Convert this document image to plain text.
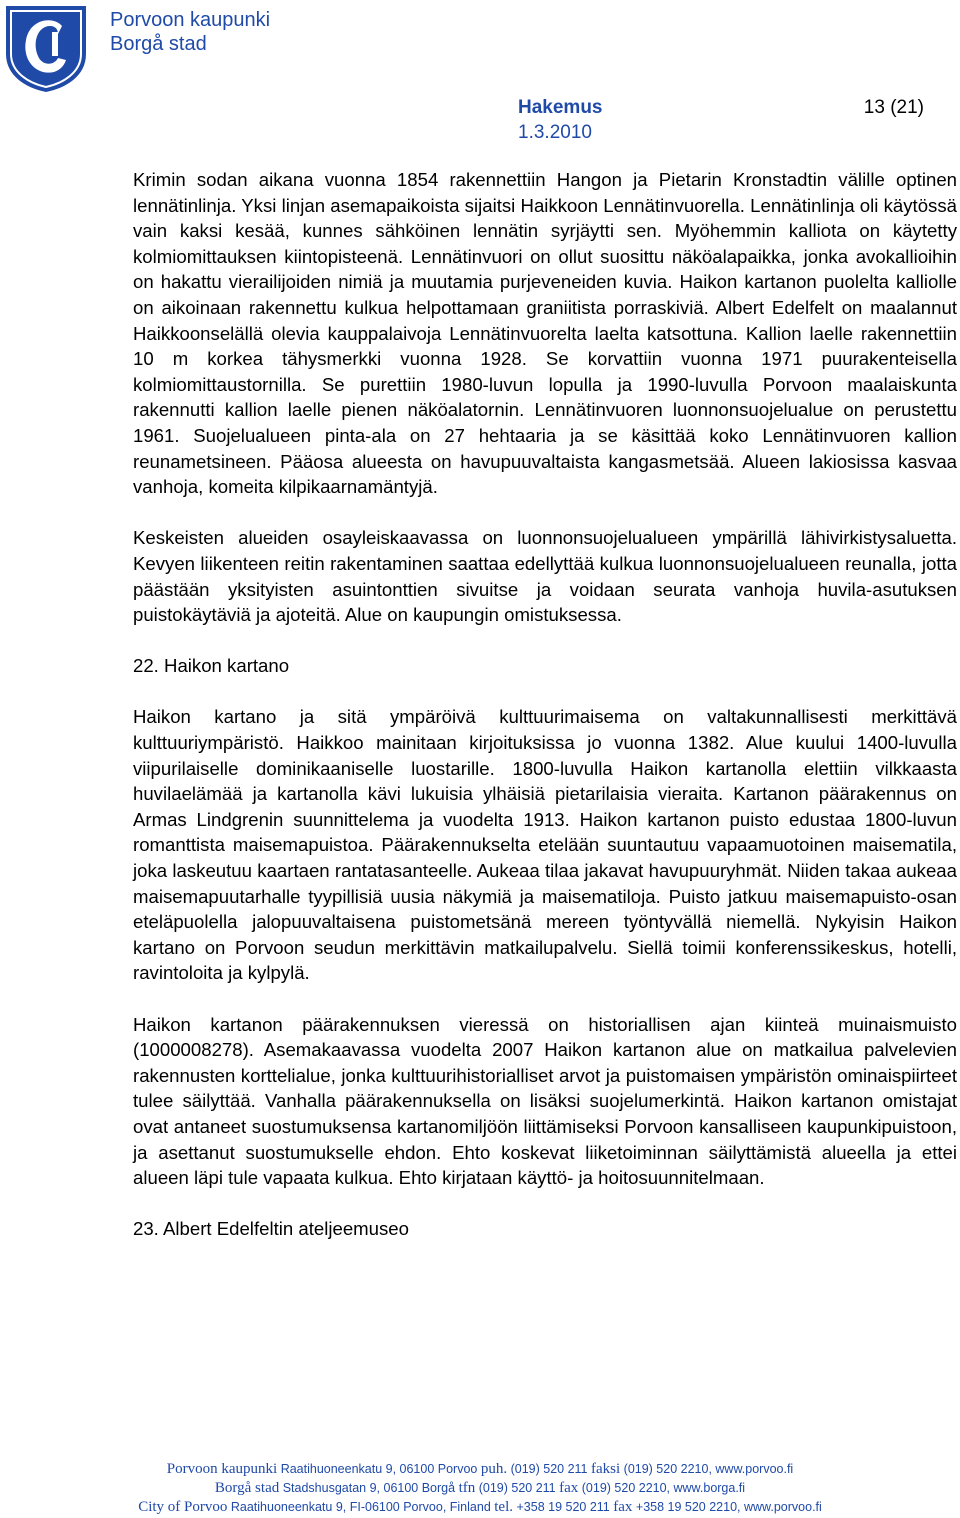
Porvoon kaupunki
Borgå stad
Hakemus	13 (21)
1.3.2010

Krimin sodan aikana vuonna 1854 rakennettiin Hangon ja Pietarin Kronstadtin välille optinen lennätinlinja. Yksi linjan asemapaikoista sijaitsi Haikkoon Lennätinvuorella. Lennätinlinja oli käytössä vain kaksi kesää, kunnes sähköinen lennätin syrjäytti sen. Myöhemmin kalliota on käytetty kolmiomittauksen kiintopisteenä. Lennätinvuori on ollut suosittu näköalapaikka, jonka avokallioihin on hakattu vierailijoiden nimiä ja muutamia purjeveneiden kuvia. Haikon kartanon puolelta kalliolle on aikoinaan rakennettu kulkua helpottamaan graniitista porraskiviä. Albert Edelfelt on maalannut Haikkoonselällä olevia kauppalaivoja Lennätinvuorelta laelta katsottuna. Kallion laelle rakennettiin 10 m korkea tähysmerkki vuonna 1928. Se korvattiin vuonna 1971 puurakenteisella kolmiomittaustornilla. Se purettiin 1980-luvun lopulla ja 1990-luvulla Porvoon maalaiskunta rakennutti kallion laelle pienen näköalatornin. Lennätinvuoren luonnonsuojelualue on perustettu 1961. Suojelualueen pinta-ala on 27 hehtaaria ja se käsittää koko Lennätinvuoren kallion reunametsineen. Pääosa alueesta on havupuuvaltaista kangasmetsää. Alueen lakiosissa kasvaa vanhoja, komeita kilpikaarnamäntyjä.

Keskeisten alueiden osayleiskaavassa on luonnonsuojelualueen ympärillä lähivirkistysaluetta. Kevyen liikenteen reitin rakentaminen saattaa edellyttää kulkua luonnonsuojelualueen reunalla, jotta päästään yksityisten asuintonttien sivuitse ja voidaan seurata vanhoja huvila-asutuksen puistokäytäviä ja ajoteitä. Alue on kaupungin omistuksessa.

22. Haikon kartano

Haikon kartano ja sitä ympäröivä kulttuurimaisema on valtakunnallisesti merkittävä kulttuuriympäristö. Haikkoo mainitaan kirjoituksissa jo vuonna 1382. Alue kuului 1400-luvulla viipurilaiselle dominikaaniselle luostarille. 1800-luvulla Haikon kartanolla elettiin vilkkaasta huvilaelämää ja kartanolla kävi lukuisia ylhäisiä pietarilaisia vieraita. Kartanon päärakennus on Armas Lindgrenin suunnittelema ja vuodelta 1913. Haikon kartanon puisto edustaa 1800-luvun romanttista maisemapuistoa. Päärakennukselta etelään suuntautuu vapaamuotoinen maisematila, joka laskeutuu kaartaen rantatasanteelle. Aukeaa tilaa jakavat havupuuryhmät. Niiden takaa aukeaa maisemapuutarhalle tyypillisiä uusia näkymiä ja maisematiloja. Puisto jatkuu maisemapuisto-osan eteläpuolella jalopuuvaltaisena puistometsänä mereen työntyvällä niemellä. Nykyisin Haikon kartano on Porvoon seudun merkittävin matkailupalvelu. Siellä toimii konferenssikeskus, hotelli, ravintoloita ja kylpylä.

Haikon kartanon päärakennuksen vieressä on historiallisen ajan kiinteä muinaismuisto (1000008278). Asemakaavassa vuodelta 2007 Haikon kartanon alue on matkailua palvelevien rakennusten korttelialue, jonka kulttuurihistorialliset arvot ja puistomaisen ympäristön ominaispiirteet tulee säilyttää. Vanhalla päärakennuksella on lisäksi suojelumerkintä. Haikon kartanon omistajat ovat antaneet suostumuksensa kartanomiljöön liittämiseksi Porvoon kansalliseen kaupunkipuistoon, ja asettanut suostumukselle ehdon. Ehto koskevat liiketoiminnan säilyttämistä alueella ja ettei alueen läpi tule vapaata kulkua. Ehto kirjataan käyttö- ja hoitosuunnitelmaan.

23. Albert Edelfeltin ateljeemuseo
Porvoon kaupunki Raatihuoneenkatu 9, 06100 Porvoo puh. (019) 520 211 faksi (019) 520 2210, www.porvoo.fi
Borgå stad Stadshusgatan 9, 06100 Borgå tfn (019) 520 211 fax (019) 520 2210, www.borga.fi
City of Porvoo Raatihuoneenkatu 9, FI-06100 Porvoo, Finland tel. +358 19 520 211 fax +358 19 520 2210, www.porvoo.fi
